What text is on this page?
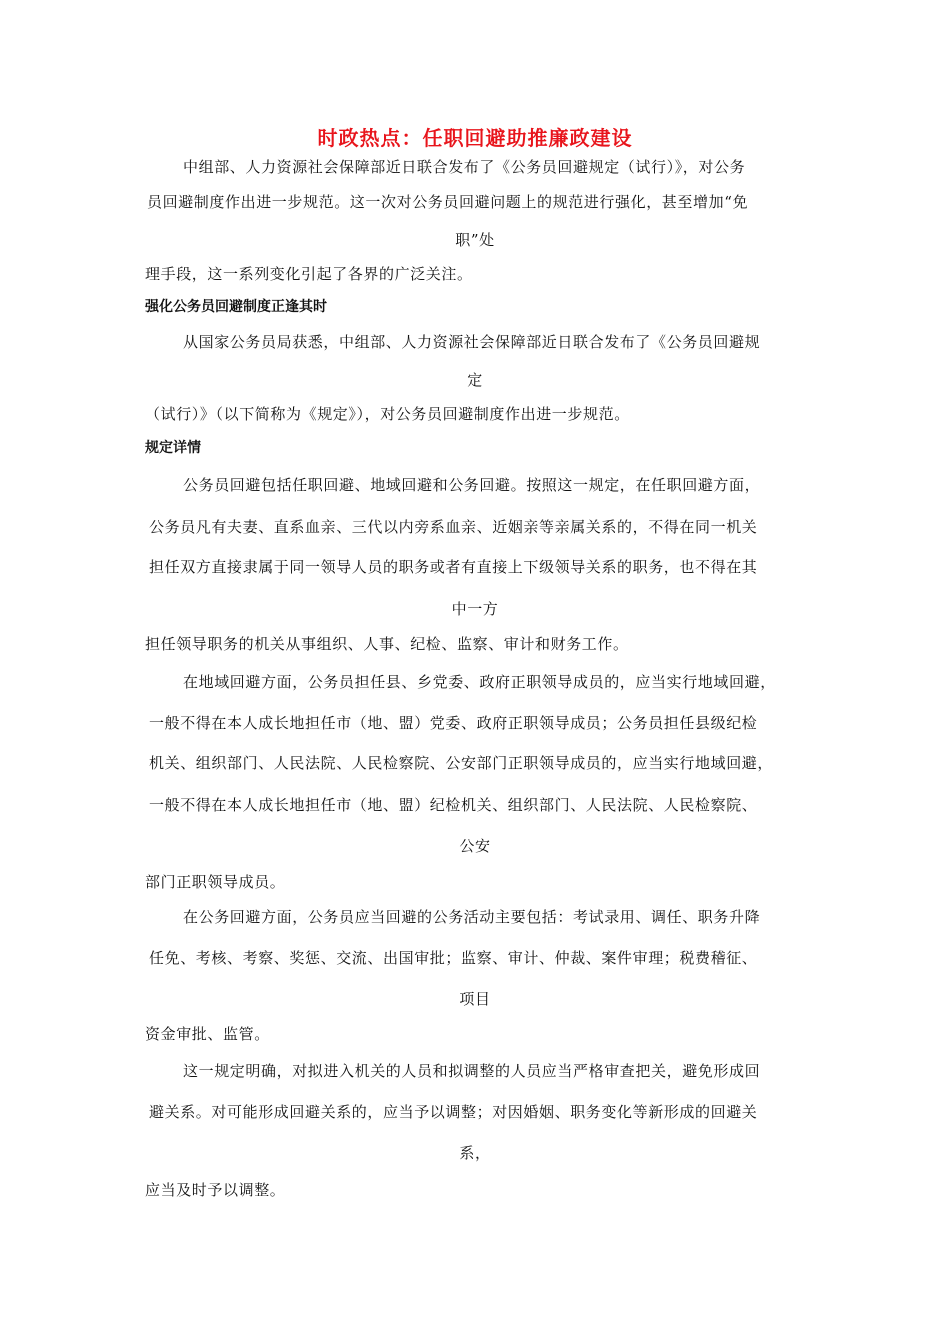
时政热点：任职回避助推廉政建设
中组部、人力资源社会保障部近日联合发布了《公务员回避规定（试行）》，对公务
员回避制度作出进一步规范。这一次对公务员回避问题上的规范进行强化，甚至增加“免
职”处
理手段，这一系列变化引起了各界的广泛关注。
强化公务员回避制度正逢其时
从国家公务员局获悉，中组部、人力资源社会保障部近日联合发布了《公务员回避规
定
（试行）》（以下简称为《规定》），对公务员回避制度作出进一步规范。
规定详情
公务员回避包括任职回避、地域回避和公务回避。按照这一规定，在任职回避方面，
公务员凡有夫妻、直系血亲、三代以内旁系血亲、近姻亲等亲属关系的，不得在同一机关
担任双方直接隶属于同一领导人员的职务或者有直接上下级领导关系的职务，也不得在其
中一方
担任领导职务的机关从事组织、人事、纪检、监察、审计和财务工作。
在地域回避方面，公务员担任县、乡党委、政府正职领导成员的，应当实行地域回避，
一般不得在本人成长地担任市（地、盟）党委、政府正职领导成员；公务员担任县级纪检
机关、组织部门、人民法院、人民检察院、公安部门正职领导成员的，应当实行地域回避，
一般不得在本人成长地担任市（地、盟）纪检机关、组织部门、人民法院、人民检察院、
公安
部门正职领导成员。
在公务回避方面，公务员应当回避的公务活动主要包括：考试录用、调任、职务升降
任免、考核、考察、奖惩、交流、出国审批；监察、审计、仲裁、案件审理；税费稽征、
项目
资金审批、监管。
这一规定明确，对拟进入机关的人员和拟调整的人员应当严格审查把关，避免形成回
避关系。对可能形成回避关系的，应当予以调整；对因婚姻、职务变化等新形成的回避关
系，
应当及时予以调整。
